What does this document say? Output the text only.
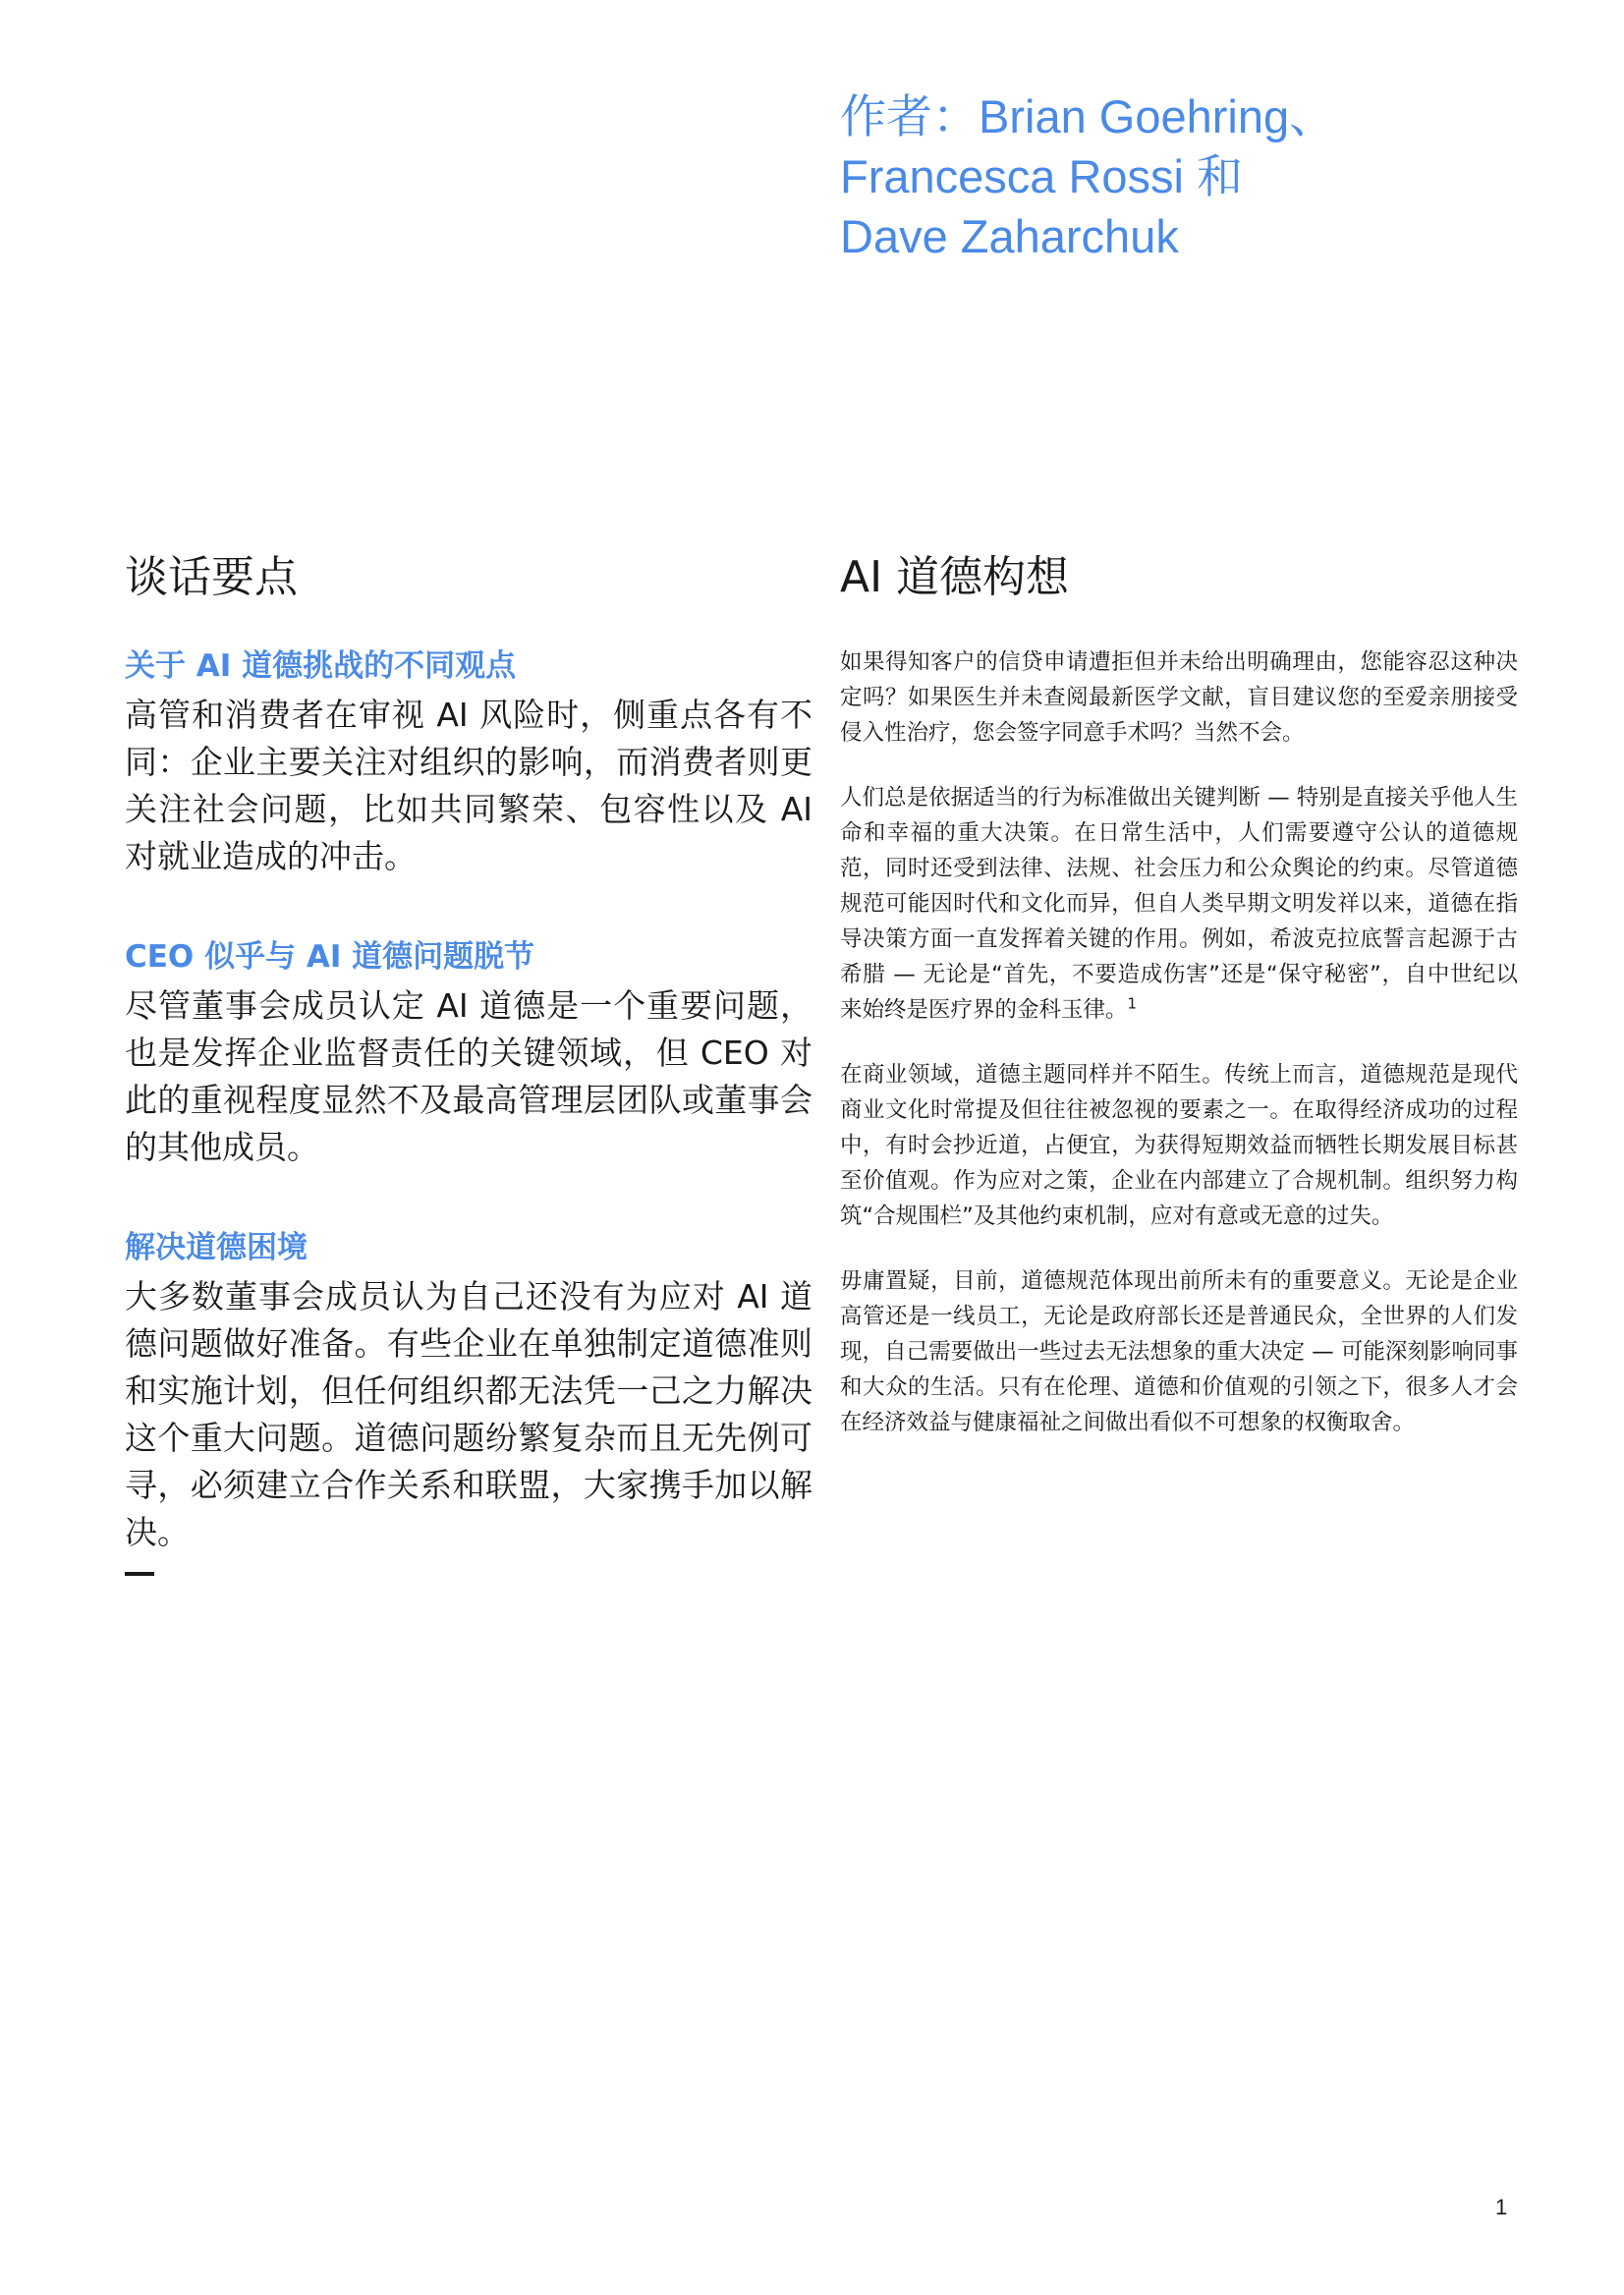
作者：Brian Goehring、
Francesca Rossi 和
Dave Zaharchuk
谈话要点
关于 AI 道德挑战的不同观点

高管和消费者在审视 AI 风险时，侧重点各有不同：企业主要关注对组织的影响，而消费者则更关注社会问题，比如共同繁荣、包容性以及 AI 对就业造成的冲击。

CEO 似乎与 AI 道德问题脱节

尽管董事会成员认定 AI 道德是一个重要问题，也是发挥企业监督责任的关键领域，但 CEO 对此的重视程度显然不及最高管理层团队或董事会的其他成员。

解决道德困境

大多数董事会成员认为自己还没有为应对 AI 道德问题做好准备。有些企业在单独制定道德准则和实施计划，但任何组织都无法凭一己之力解决这个重大问题。道德问题纷繁复杂而且无先例可寻，必须建立合作关系和联盟，大家携手加以解决。

AI 道德构想

如果得知客户的信贷申请遭拒但并未给出明确理由，您能容忍这种决定吗？如果医生并未查阅最新医学文献，盲目建议您的至爱亲朋接受侵入性治疗，您会签字同意手术吗？当然不会。

人们总是依据适当的行为标准做出关键判断 — 特别是直接关乎他人生命和幸福的重大决策。在日常生活中，人们需要遵守公认的道德规范，同时还受到法律、法规、社会压力和公众舆论的约束。尽管道德规范可能因时代和文化而异，但自人类早期文明发祥以来，道德在指导决策方面一直发挥着关键的作用。例如，希波克拉底誓言起源于古希腊 — 无论是“首先，不要造成伤害”还是“保守秘密”，自中世纪以来始终是医疗界的金科玉律。$^1$

在商业领域，道德主题同样并不陌生。传统上而言，道德规范是现代商业文化时常提及但往往被忽视的要素之一。在取得经济成功的过程中，有时会抄近道，占便宜，为获得短期效益而牺牲长期发展目标甚至价值观。作为应对之策，企业在内部建立了合规机制。组织努力构筑“合规围栏”及其他约束机制，应对有意或无意的过失。

毋庸置疑，目前，道德规范体现出前所未有的重要意义。无论是企业高管还是一线员工，无论是政府部长还是普通民众，全世界的人们发现，自己需要做出一些过去无法想象的重大决定 — 可能深刻影响同事和大众的生活。只有在伦理、道德和价值观的引领之下，很多人才会在经济效益与健康福祉之间做出看似不可想象的权衡取舍。

1
